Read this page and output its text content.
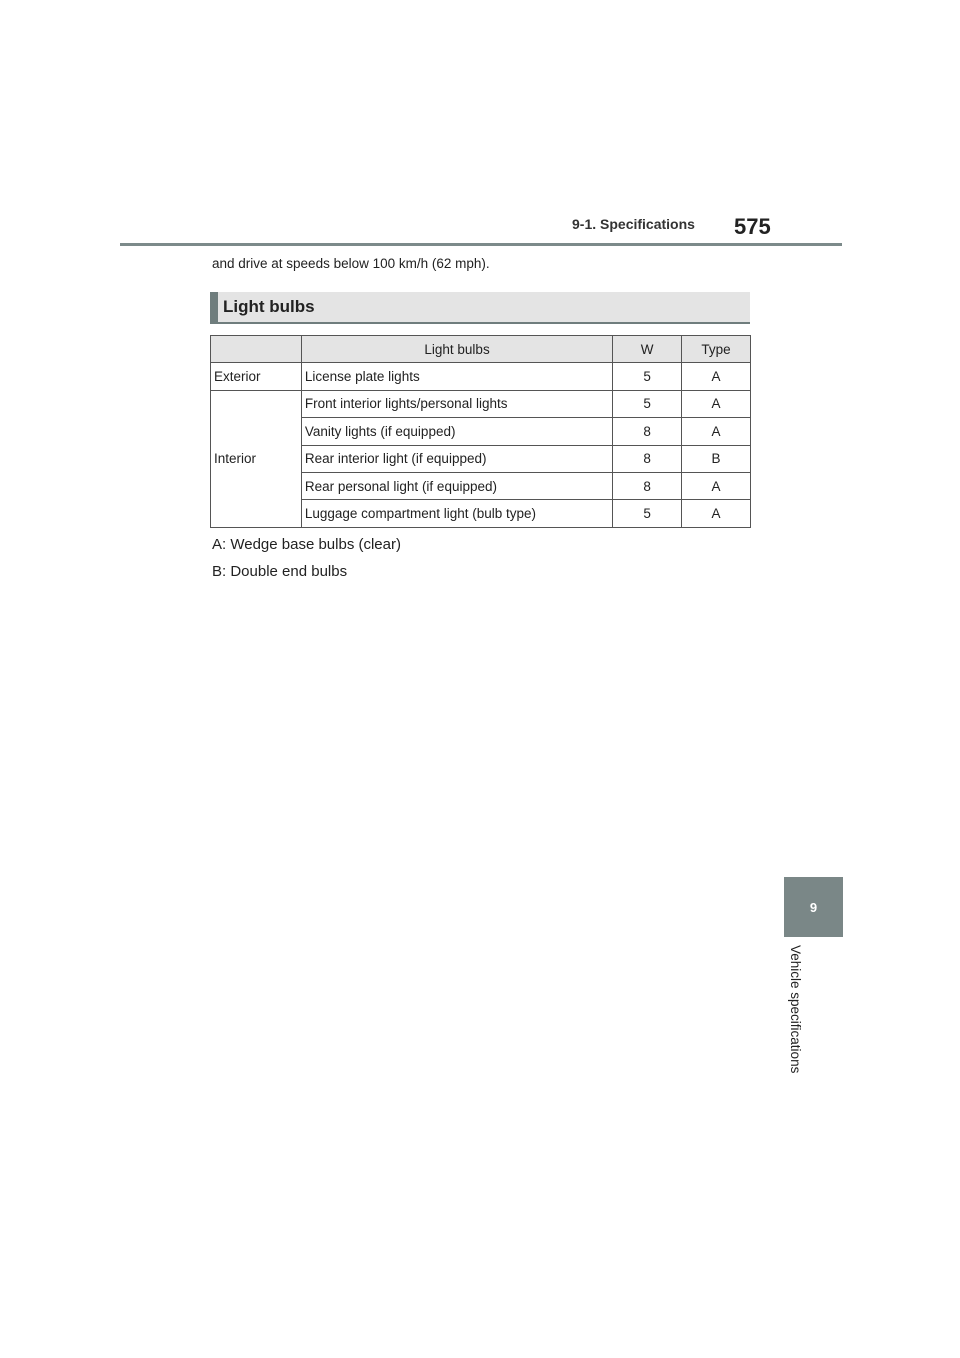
9-1. Specifications 575
and drive at speeds below 100 km/h (62 mph).
Light bulbs
	Light bulbs	W	Type
Exterior	License plate lights	5	A
Interior	Front interior lights/personal lights	5	A
	Vanity lights (if equipped)	8	A
	Rear interior light (if equipped)	8	B
	Rear personal light (if equipped)	8	A
	Luggage compartment light (bulb type)	5	A
A: Wedge base bulbs (clear)
B: Double end bulbs
9
Vehicle specifications
